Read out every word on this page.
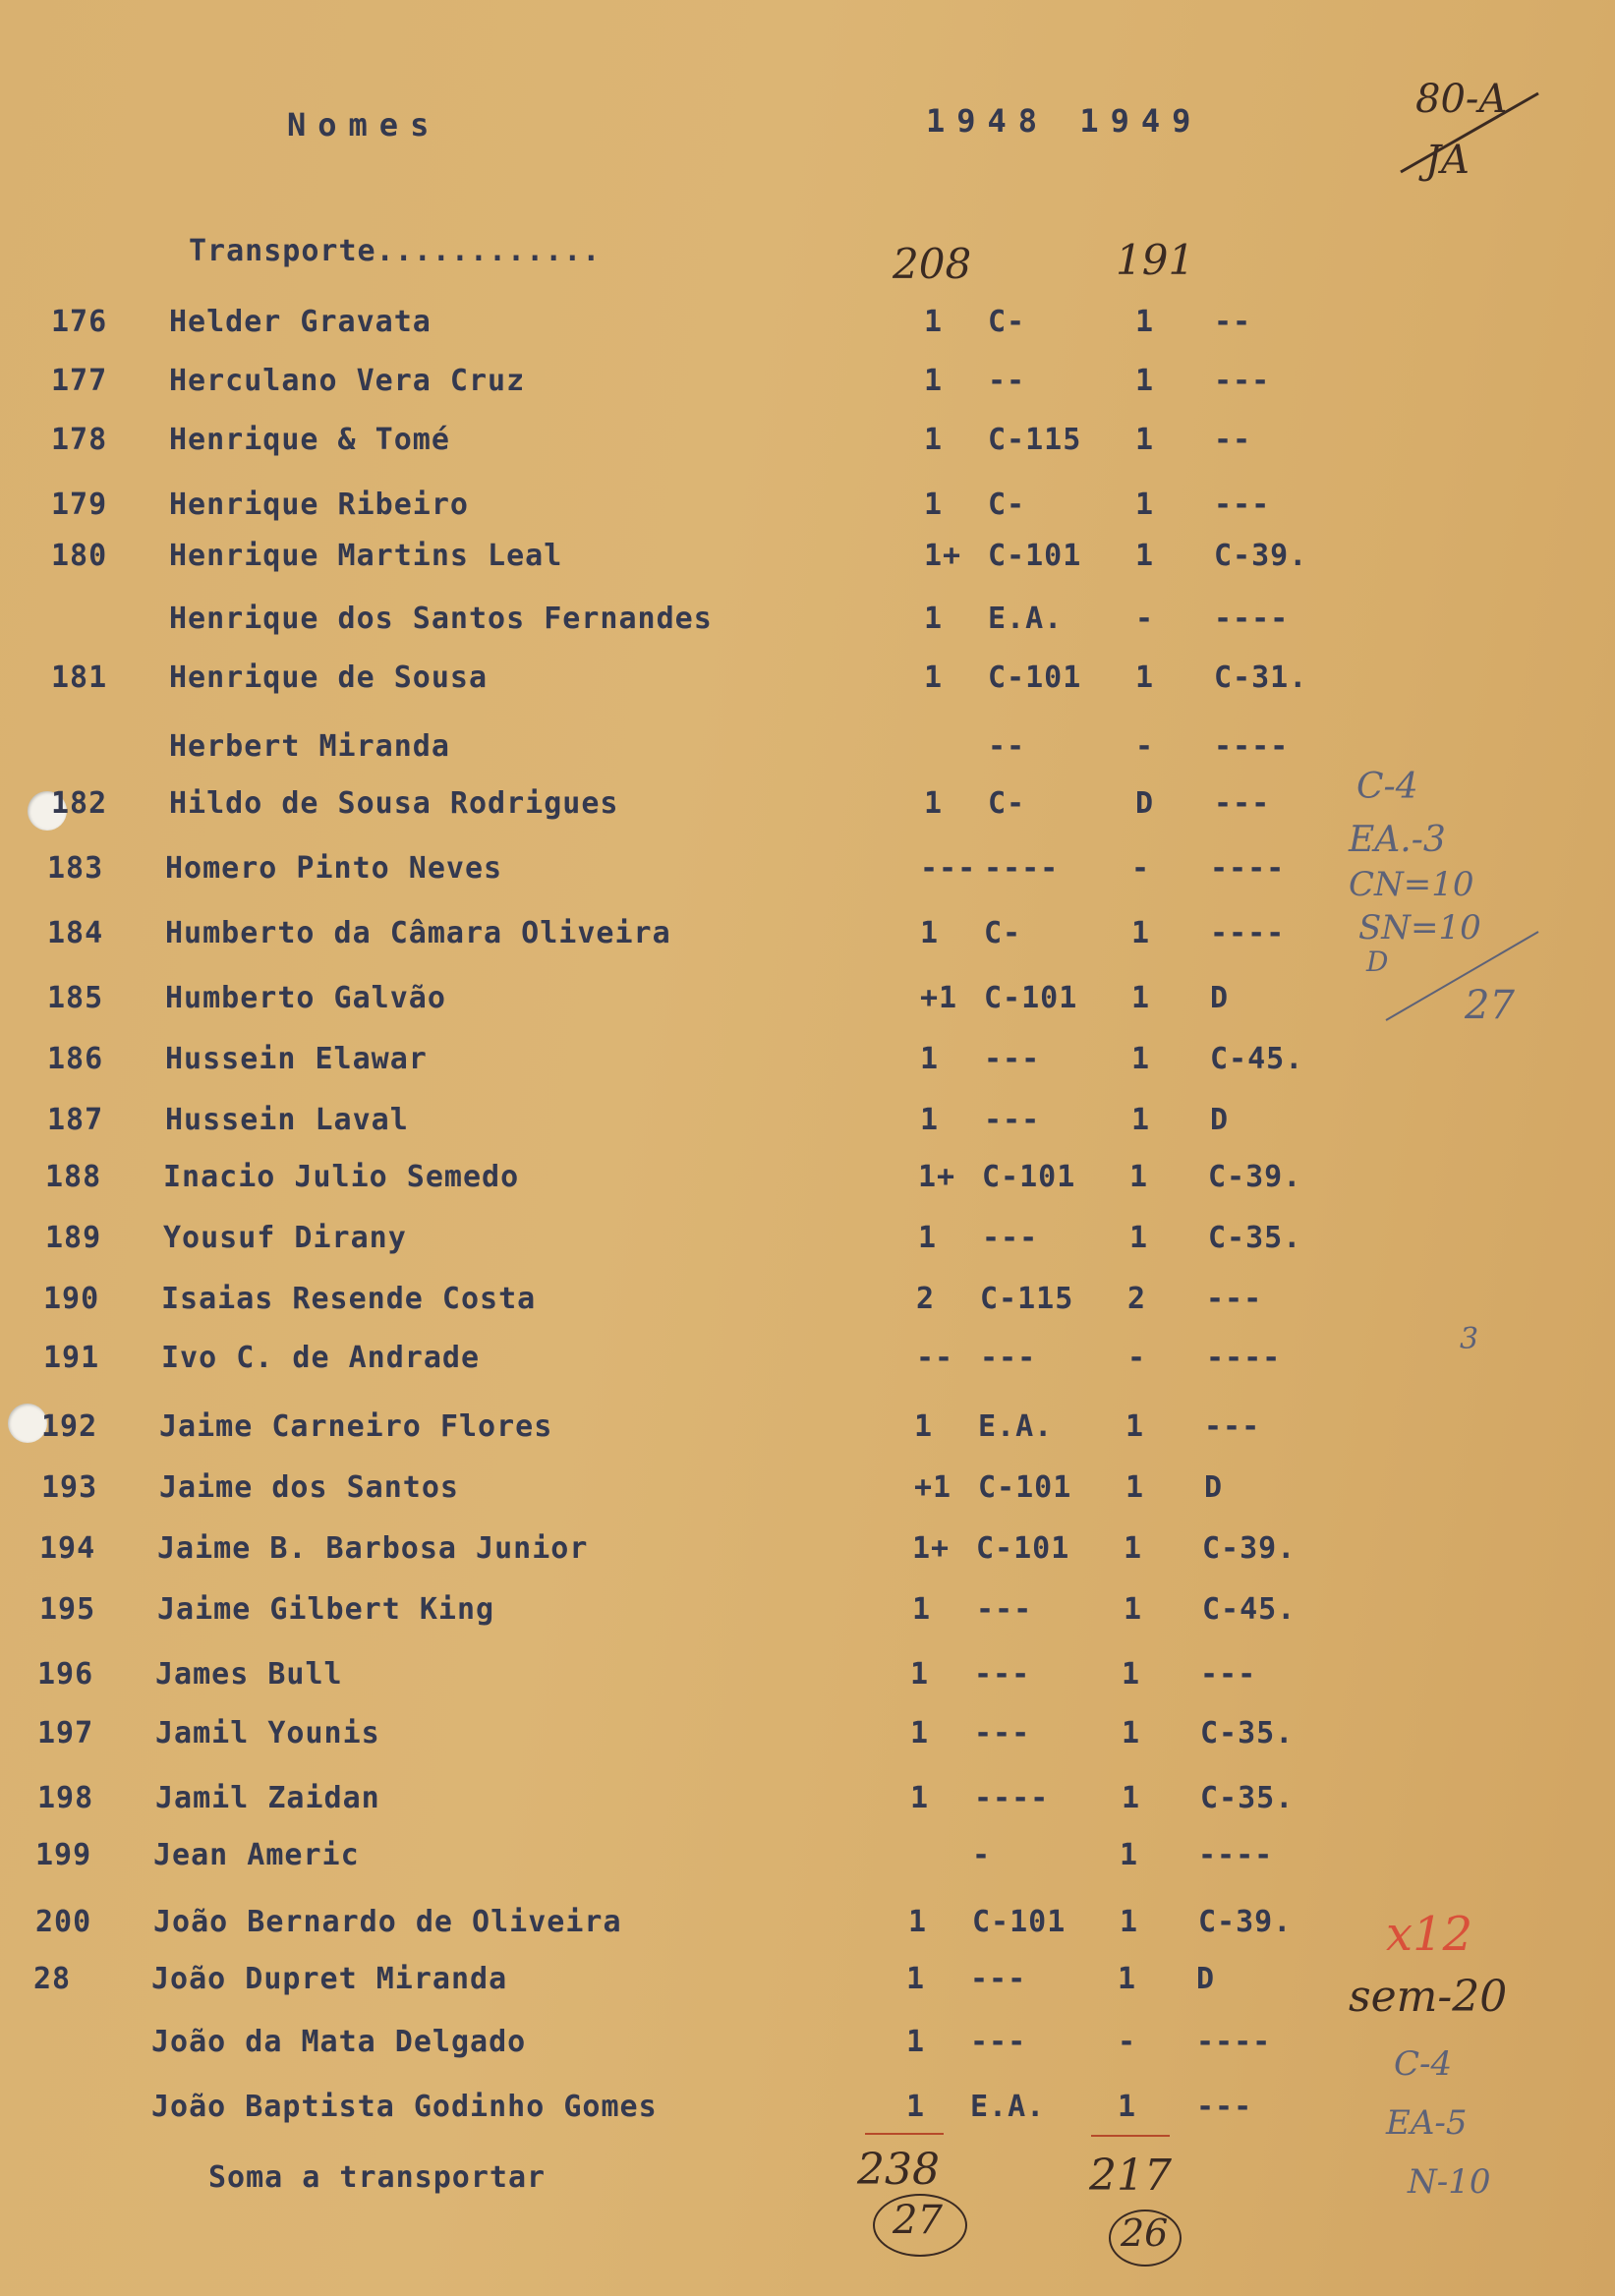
Nomes	1948 1949	80-A
JA
Transporte............	208	191
176 Helder Gravata	1 C-	1 --
177 Herculano Vera Cruz	1 --	1 ---
178 Henrique & Tomé	1 C-115 1 --
179 Henrique Ribeiro	1 C-	1 ---
180 Henrique Martins Leal	1+ C-101 1 C-39.
Henrique dos Santos Fernandes	1 E.A. - ----
181 Henrique de Sousa	1 C-101 1 C-31.
Herbert Miranda	--	- ----
182 Hildo de Sousa Rodrigues	1 C-	D ---
183 Homero Pinto Neves	--- ---- - ----
184 Humberto da Câmara Oliveira	1 C-	1 ----
185 Humberto Galvão	+1 C-101 1 D
186 Hussein Elawar	1 ---	1 C-45.
187 Hussein Laval	1 ---	1 D
188 Inacio Julio Semedo	1+ C-101 1 C-39.
189 Yousuf Dirany	1 ---	1 C-35.
190 Isaias Resende Costa	2 C-115 2 ---
191 Ivo C. de Andrade	-- ---	- ----
192 Jaime Carneiro Flores	1 E.A. 1 ---
193 Jaime dos Santos	+1 C-101 1 D
194 Jaime B. Barbosa Junior	1+ C-101 1 C-39.
195 Jaime Gilbert King	1 ---	1 C-45.
196 James Bull	1 ---	1 ---
197 Jamil Younis	1 ---	1 C-35.
198 Jamil Zaidan	1 ---- 1 C-35.
199 Jean Americ	-	1 ----
200 João Bernardo de Oliveira	1 C-101 1 C-39.
28	João Dupret Miranda	1 ---	1 D
João da Mata Delgado	1 ---	- ----
João Baptista Godinho Gomes	1 E.A. 1 ---
Soma a transportar	238	217
27	26
C-4
EA.-3
CN=10
SN=10
D
27
3
x12
sem-20
C-4
EA-5
N-10
